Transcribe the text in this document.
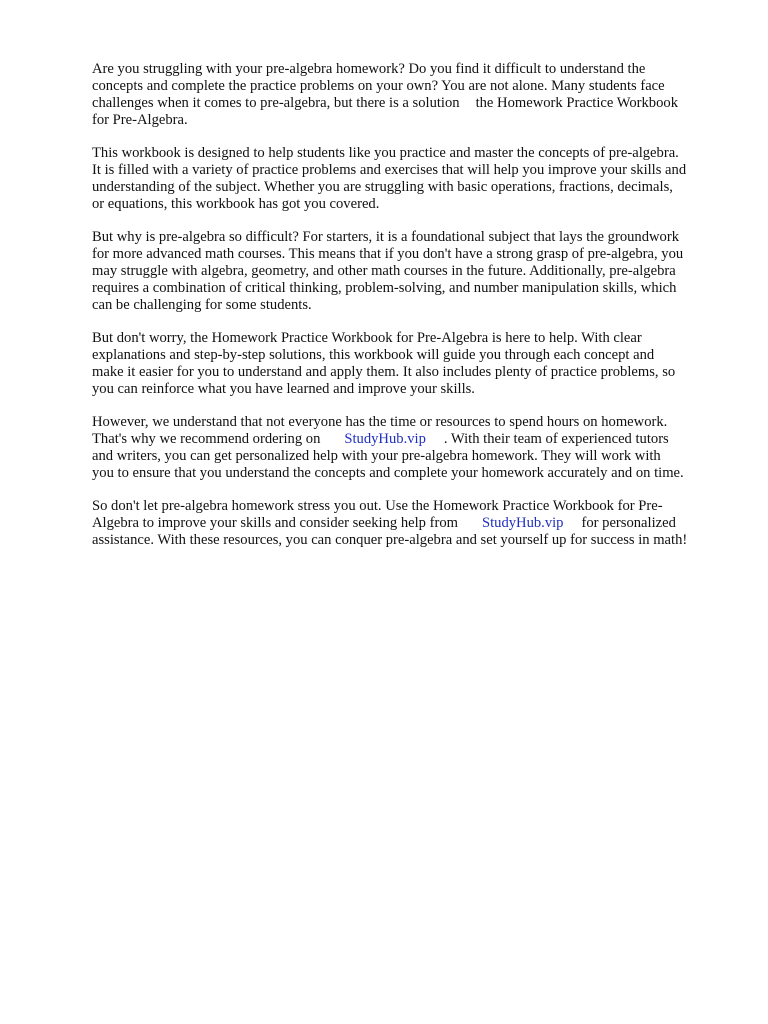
Are you struggling with your pre-algebra homework? Do you find it difficult to understand the
concepts and complete the practice problems on your own? You are not alone. Many students face
challenges when it comes to pre-algebra, but there is a solution the Homework Practice Workbook
for Pre-Algebra.

This workbook is designed to help students like you practice and master the concepts of pre-algebra.
It is filled with a variety of practice problems and exercises that will help you improve your skills and
understanding of the subject. Whether you are struggling with basic operations, fractions, decimals,
or equations, this workbook has got you covered.

But why is pre-algebra so difficult? For starters, it is a foundational subject that lays the groundwork
for more advanced math courses. This means that if you don't have a strong grasp of pre-algebra, you
may struggle with algebra, geometry, and other math courses in the future. Additionally, pre-algebra
requires a combination of critical thinking, problem-solving, and number manipulation skills, which
can be challenging for some students.

But don't worry, the Homework Practice Workbook for Pre-Algebra is here to help. With clear
explanations and step-by-step solutions, this workbook will guide you through each concept and
make it easier for you to understand and apply them. It also includes plenty of practice problems, so
you can reinforce what you have learned and improve your skills.

However, we understand that not everyone has the time or resources to spend hours on homework.
That's why we recommend ordering on StudyHub.vip . With their team of experienced tutors
and writers, you can get personalized help with your pre-algebra homework. They will work with
you to ensure that you understand the concepts and complete your homework accurately and on time.

So don't let pre-algebra homework stress you out. Use the Homework Practice Workbook for Pre-
Algebra to improve your skills and consider seeking help from StudyHub.vip for personalized
assistance. With these resources, you can conquer pre-algebra and set yourself up for success in math!
